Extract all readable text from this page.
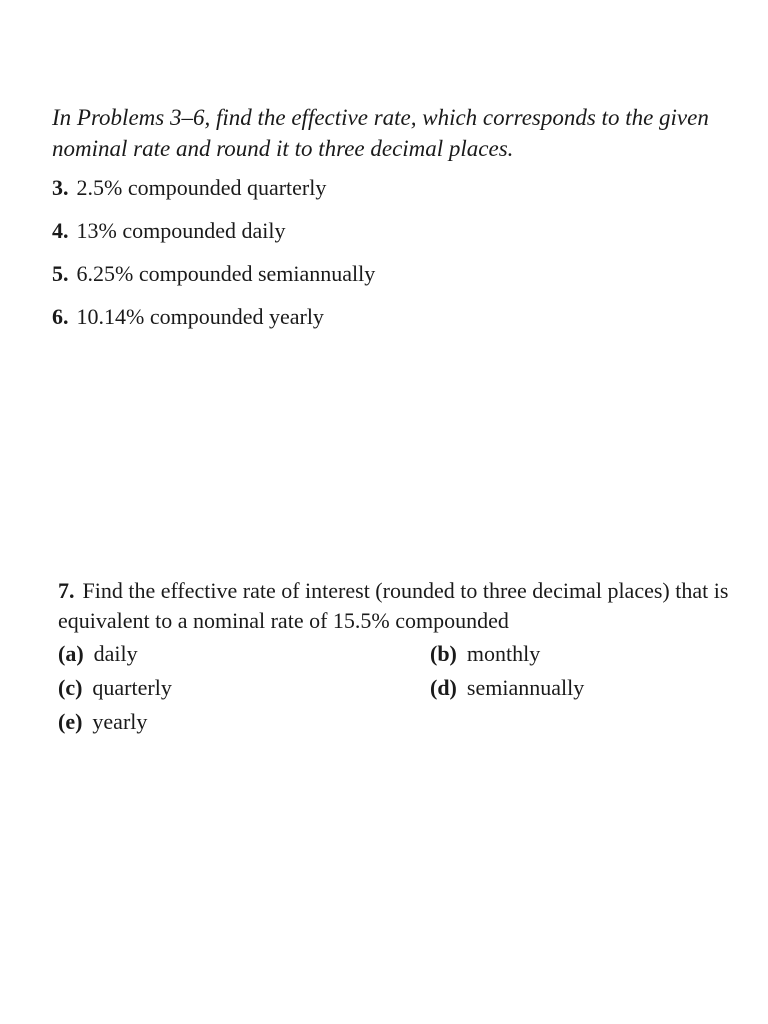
In Problems 3–6, find the effective rate, which corresponds to the given nominal rate and round it to three decimal places.

3. 2.5% compounded quarterly
4. 13% compounded daily
5. 6.25% compounded semiannually
6. 10.14% compounded yearly

7. Find the effective rate of interest (rounded to three decimal places) that is equivalent to a nominal rate of 15.5% compounded

(a) daily	(b) monthly
(c) quarterly	(d) semiannually
(e) yearly
